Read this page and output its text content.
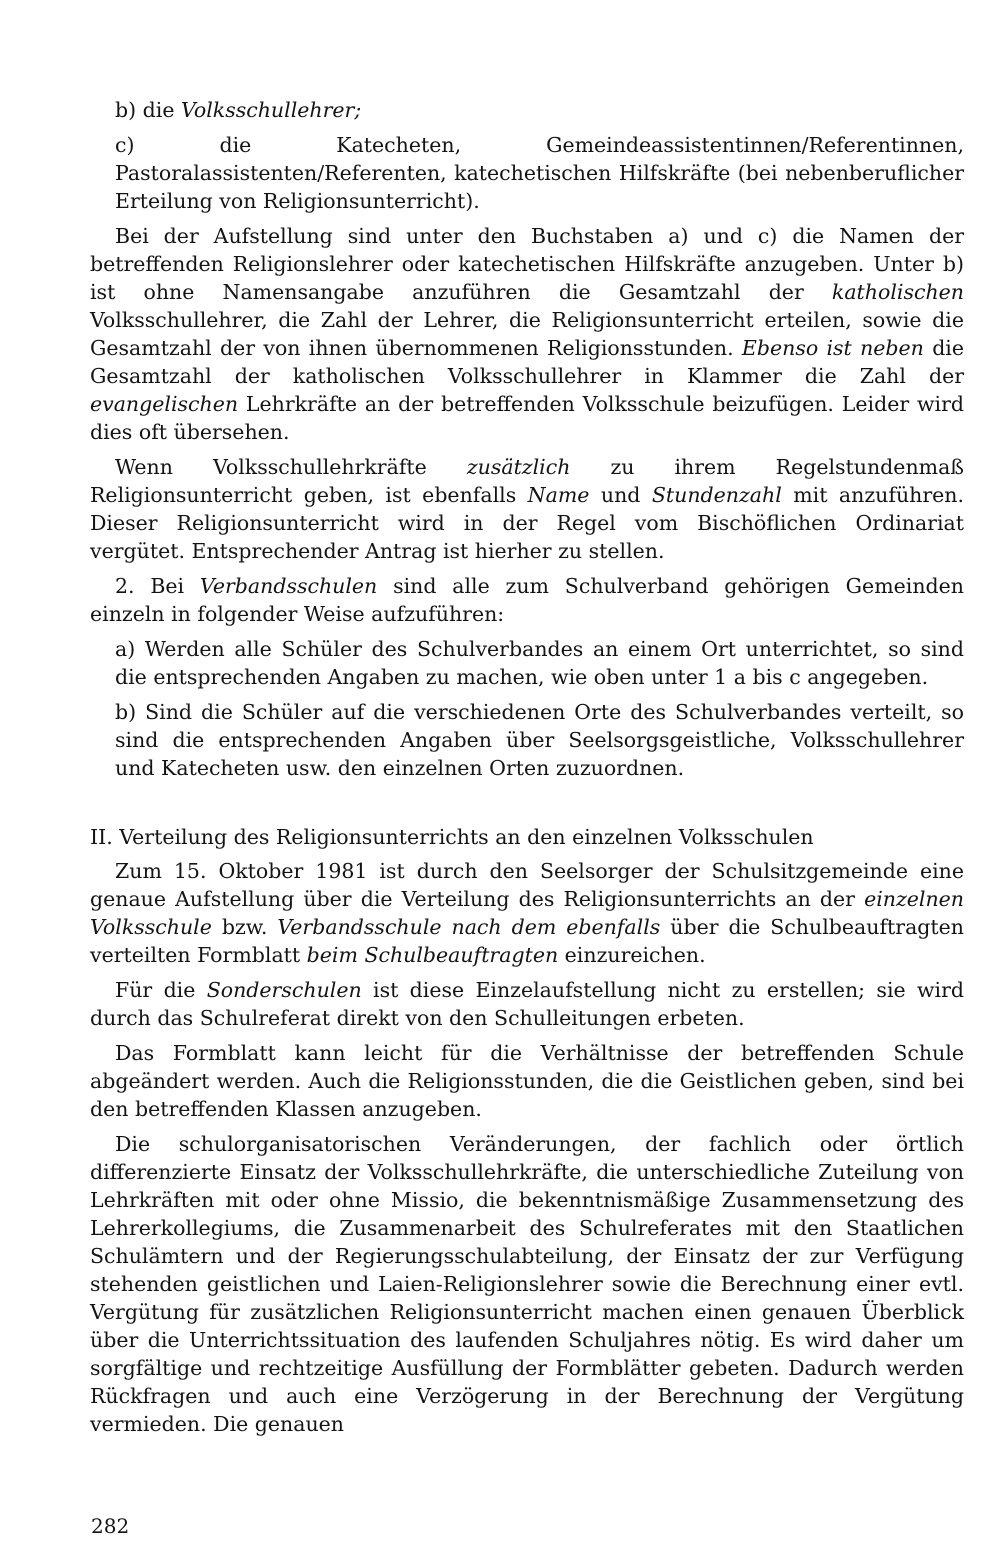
b) die Volksschullehrer;

c) die Katecheten, Gemeindeassistentinnen/Referentinnen, Pastoralassistenten/Referenten, katechetischen Hilfskräfte (bei nebenberuflicher Erteilung von Religionsunterricht).

Bei der Aufstellung sind unter den Buchstaben a) und c) die Namen der betreffenden Religionslehrer oder katechetischen Hilfskräfte anzugeben. Unter b) ist ohne Namensangabe anzuführen die Gesamtzahl der katholischen Volksschullehrer, die Zahl der Lehrer, die Religionsunterricht erteilen, sowie die Gesamtzahl der von ihnen übernommenen Religionsstunden. Ebenso ist neben die Gesamtzahl der katholischen Volksschullehrer in Klammer die Zahl der evangelischen Lehrkräfte an der betreffenden Volksschule beizufügen. Leider wird dies oft übersehen.

Wenn Volksschullehrkräfte zusätzlich zu ihrem Regelstundenmaß Religionsunterricht geben, ist ebenfalls Name und Stundenzahl mit anzuführen. Dieser Religionsunterricht wird in der Regel vom Bischöflichen Ordinariat vergütet. Entsprechender Antrag ist hierher zu stellen.

2. Bei Verbandsschulen sind alle zum Schulverband gehörigen Gemeinden einzeln in folgender Weise aufzuführen:

a) Werden alle Schüler des Schulverbandes an einem Ort unterrichtet, so sind die entsprechenden Angaben zu machen, wie oben unter 1 a bis c angegeben.

b) Sind die Schüler auf die verschiedenen Orte des Schulverbandes verteilt, so sind die entsprechenden Angaben über Seelsorgsgeistliche, Volksschullehrer und Katecheten usw. den einzelnen Orten zuzuordnen.

II. Verteilung des Religionsunterrichts an den einzelnen Volksschulen

Zum 15. Oktober 1981 ist durch den Seelsorger der Schulsitzgemeinde eine genaue Aufstellung über die Verteilung des Religionsunterrichts an der einzelnen Volksschule bzw. Verbandsschule nach dem ebenfalls über die Schulbeauftragten verteilten Formblatt beim Schulbeauftragten einzureichen.

Für die Sonderschulen ist diese Einzelaufstellung nicht zu erstellen; sie wird durch das Schulreferat direkt von den Schulleitungen erbeten.

Das Formblatt kann leicht für die Verhältnisse der betreffenden Schule abgeändert werden. Auch die Religionsstunden, die die Geistlichen geben, sind bei den betreffenden Klassen anzugeben.

Die schulorganisatorischen Veränderungen, der fachlich oder örtlich differenzierte Einsatz der Volksschullehrkräfte, die unterschiedliche Zuteilung von Lehrkräften mit oder ohne Missio, die bekenntnismäßige Zusammensetzung des Lehrerkollegiums, die Zusammenarbeit des Schulreferates mit den Staatlichen Schulämtern und der Regierungsschulabteilung, der Einsatz der zur Verfügung stehenden geistlichen und Laien-Religionslehrer sowie die Berechnung einer evtl. Vergütung für zusätzlichen Religionsunterricht machen einen genauen Überblick über die Unterrichtssituation des laufenden Schuljahres nötig. Es wird daher um sorgfältige und rechtzeitige Ausfüllung der Formblätter gebeten. Dadurch werden Rückfragen und auch eine Verzögerung in der Berechnung der Vergütung vermieden. Die genauen

282
